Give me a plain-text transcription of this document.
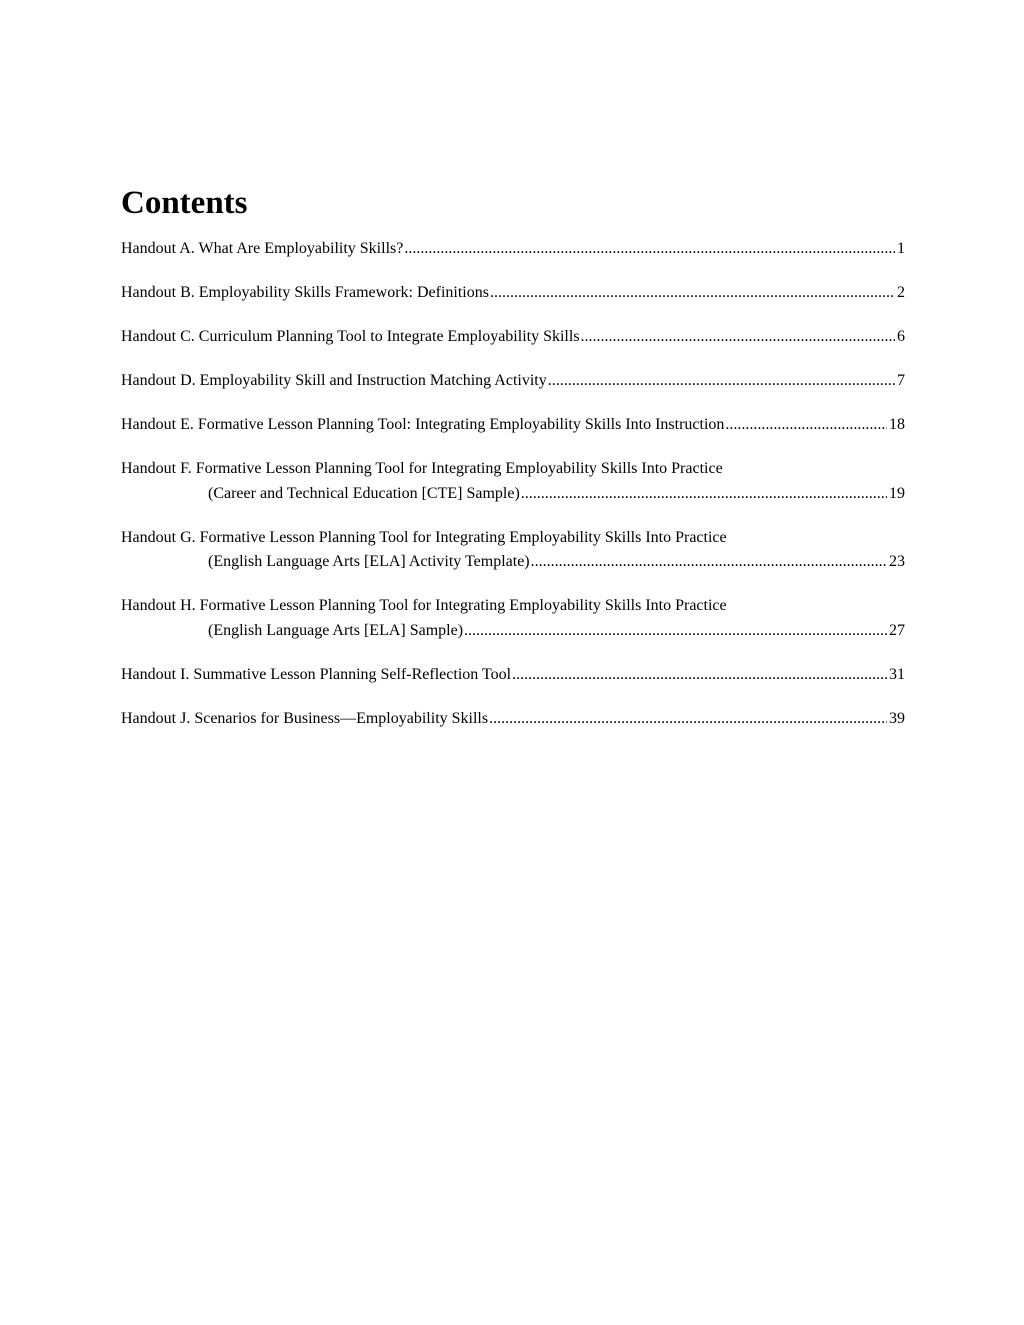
Contents
Handout A. What Are Employability Skills? .....	1
Handout B. Employability Skills Framework: Definitions .....	2
Handout C. Curriculum Planning Tool to Integrate Employability Skills .....	6
Handout D. Employability Skill and Instruction Matching Activity .....	7
Handout E. Formative Lesson Planning Tool: Integrating Employability Skills Into Instruction .....	18
Handout F. Formative Lesson Planning Tool for Integrating Employability Skills Into Practice
(Career and Technical Education [CTE] Sample) .....	19
Handout G. Formative Lesson Planning Tool for Integrating Employability Skills Into Practice
(English Language Arts [ELA] Activity Template) .....	23
Handout H. Formative Lesson Planning Tool for Integrating Employability Skills Into Practice
(English Language Arts [ELA] Sample) .....	27
Handout I. Summative Lesson Planning Self-Reflection Tool .....	31
Handout J. Scenarios for Business—Employability Skills .....	39
